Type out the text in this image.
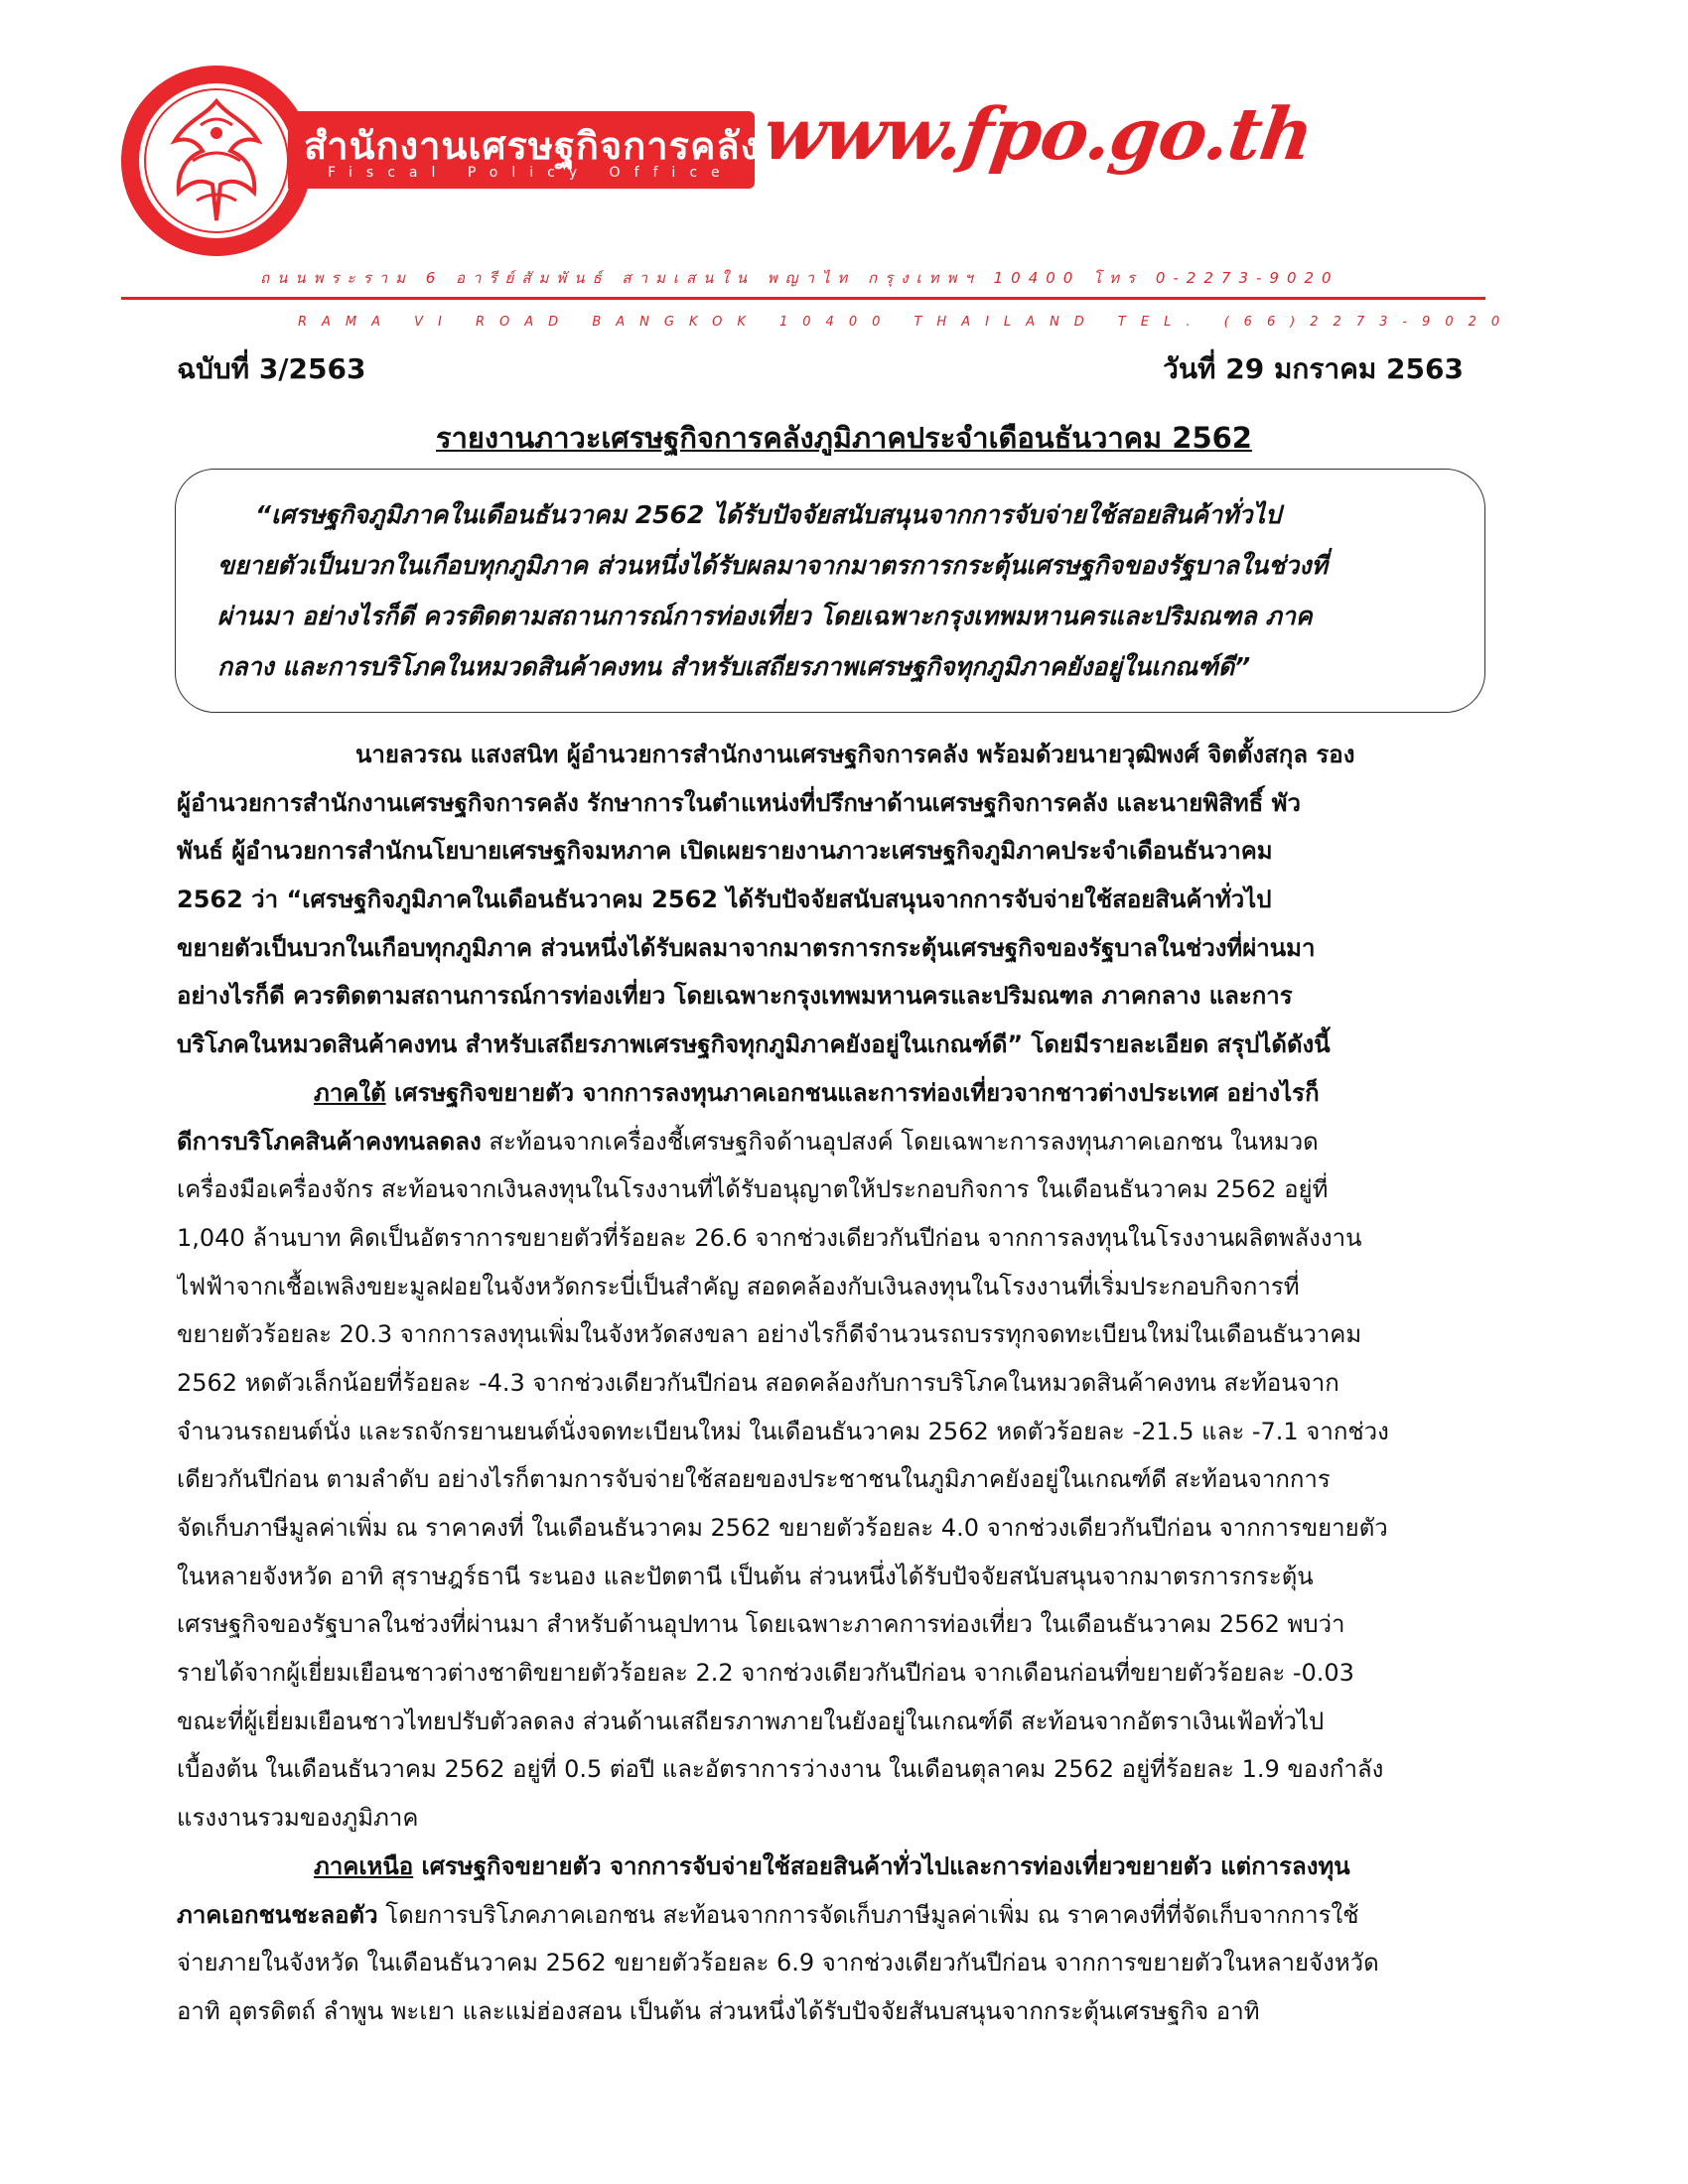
สำนักงานเศรษฐกิจการคลัง
Fiscal Policy Office www.fpo.go.th
ถนนพระราม 6 อารีย์สัมพันธ์ สามเสนใน พญาไท กรุงเทพฯ 10400 โทร 0-2273-9020
RAMA VI ROAD BANGKOK 10400 THAILAND TEL. (66)2273-9020
ฉบับที่ 3/2563	วันที่ 29 มกราคม 2563
รายงานภาวะเศรษฐกิจการคลังภูมิภาคประจำเดือนธันวาคม 2562
“เศรษฐกิจภูมิภาคในเดือนธันวาคม 2562 ได้รับปัจจัยสนับสนุนจากการจับจ่ายใช้สอยสินค้าทั่วไป
ขยายตัวเป็นบวกในเกือบทุกภูมิภาค ส่วนหนึ่งได้รับผลมาจากมาตรการกระตุ้นเศรษฐกิจของรัฐบาลในช่วงที่
ผ่านมา อย่างไรก็ดี ควรติดตามสถานการณ์การท่องเที่ยว โดยเฉพาะกรุงเทพมหานครและปริมณฑล ภาค
กลาง และการบริโภคในหมวดสินค้าคงทน สำหรับเสถียรภาพเศรษฐกิจทุกภูมิภาคยังอยู่ในเกณฑ์ดี”
นายลวรณ แสงสนิท ผู้อำนวยการสำนักงานเศรษฐกิจการคลัง พร้อมด้วยนายวุฒิพงศ์ จิตตั้งสกุล รอง
ผู้อำนวยการสำนักงานเศรษฐกิจการคลัง รักษาการในตำแหน่งที่ปรึกษาด้านเศรษฐกิจการคลัง และนายพิสิทธิ์ พัว
พันธ์ ผู้อำนวยการสำนักนโยบายเศรษฐกิจมหภาค เปิดเผยรายงานภาวะเศรษฐกิจภูมิภาคประจำเดือนธันวาคม
2562 ว่า “เศรษฐกิจภูมิภาคในเดือนธันวาคม 2562 ได้รับปัจจัยสนับสนุนจากการจับจ่ายใช้สอยสินค้าทั่วไป
ขยายตัวเป็นบวกในเกือบทุกภูมิภาค ส่วนหนึ่งได้รับผลมาจากมาตรการกระตุ้นเศรษฐกิจของรัฐบาลในช่วงที่ผ่านมา
อย่างไรก็ดี ควรติดตามสถานการณ์การท่องเที่ยว โดยเฉพาะกรุงเทพมหานครและปริมณฑล ภาคกลาง และการ
บริโภคในหมวดสินค้าคงทน สำหรับเสถียรภาพเศรษฐกิจทุกภูมิภาคยังอยู่ในเกณฑ์ดี” โดยมีรายละเอียด สรุปได้ดังนี้
ภาคใต้ เศรษฐกิจขยายตัว จากการลงทุนภาคเอกชนและการท่องเที่ยวจากชาวต่างประเทศ อย่างไรก็
ดีการบริโภคสินค้าคงทนลดลง สะท้อนจากเครื่องชี้เศรษฐกิจด้านอุปสงค์ โดยเฉพาะการลงทุนภาคเอกชน ในหมวด
เครื่องมือเครื่องจักร สะท้อนจากเงินลงทุนในโรงงานที่ได้รับอนุญาตให้ประกอบกิจการ ในเดือนธันวาคม 2562 อยู่ที่
1,040 ล้านบาท คิดเป็นอัตราการขยายตัวที่ร้อยละ 26.6 จากช่วงเดียวกันปีก่อน จากการลงทุนในโรงงานผลิตพลังงาน
ไฟฟ้าจากเชื้อเพลิงขยะมูลฝอยในจังหวัดกระบี่เป็นสำคัญ สอดคล้องกับเงินลงทุนในโรงงานที่เริ่มประกอบกิจการที่
ขยายตัวร้อยละ 20.3 จากการลงทุนเพิ่มในจังหวัดสงขลา อย่างไรก็ดีจำนวนรถบรรทุกจดทะเบียนใหม่ในเดือนธันวาคม
2562 หดตัวเล็กน้อยที่ร้อยละ -4.3 จากช่วงเดียวกันปีก่อน สอดคล้องกับการบริโภคในหมวดสินค้าคงทน สะท้อนจาก
จำนวนรถยนต์นั่ง และรถจักรยานยนต์นั่งจดทะเบียนใหม่ ในเดือนธันวาคม 2562 หดตัวร้อยละ -21.5 และ -7.1 จากช่วง
เดียวกันปีก่อน ตามลำดับ อย่างไรก็ตามการจับจ่ายใช้สอยของประชาชนในภูมิภาคยังอยู่ในเกณฑ์ดี สะท้อนจากการ
จัดเก็บภาษีมูลค่าเพิ่ม ณ ราคาคงที่ ในเดือนธันวาคม 2562 ขยายตัวร้อยละ 4.0 จากช่วงเดียวกันปีก่อน จากการขยายตัว
ในหลายจังหวัด อาทิ สุราษฎร์ธานี ระนอง และปัตตานี เป็นต้น ส่วนหนึ่งได้รับปัจจัยสนับสนุนจากมาตรการกระตุ้น
เศรษฐกิจของรัฐบาลในช่วงที่ผ่านมา สำหรับด้านอุปทาน โดยเฉพาะภาคการท่องเที่ยว ในเดือนธันวาคม 2562 พบว่า
รายได้จากผู้เยี่ยมเยือนชาวต่างชาติขยายตัวร้อยละ 2.2 จากช่วงเดียวกันปีก่อน จากเดือนก่อนที่ขยายตัวร้อยละ -0.03
ขณะที่ผู้เยี่ยมเยือนชาวไทยปรับตัวลดลง ส่วนด้านเสถียรภาพภายในยังอยู่ในเกณฑ์ดี สะท้อนจากอัตราเงินเฟ้อทั่วไป
เบื้องต้น ในเดือนธันวาคม 2562 อยู่ที่ 0.5 ต่อปี และอัตราการว่างงาน ในเดือนตุลาคม 2562 อยู่ที่ร้อยละ 1.9 ของกำลัง
แรงงานรวมของภูมิภาค
ภาคเหนือ เศรษฐกิจขยายตัว จากการจับจ่ายใช้สอยสินค้าทั่วไปและการท่องเที่ยวขยายตัว แต่การลงทุน
ภาคเอกชนชะลอตัว โดยการบริโภคภาคเอกชน สะท้อนจากการจัดเก็บภาษีมูลค่าเพิ่ม ณ ราคาคงที่ที่จัดเก็บจากการใช้
จ่ายภายในจังหวัด ในเดือนธันวาคม 2562 ขยายตัวร้อยละ 6.9 จากช่วงเดียวกันปีก่อน จากการขยายตัวในหลายจังหวัด
อาทิ อุตรดิตถ์ ลำพูน พะเยา และแม่ฮ่องสอน เป็นต้น ส่วนหนึ่งได้รับปัจจัยสันบสนุนจากกระตุ้นเศรษฐกิจ อาทิ
